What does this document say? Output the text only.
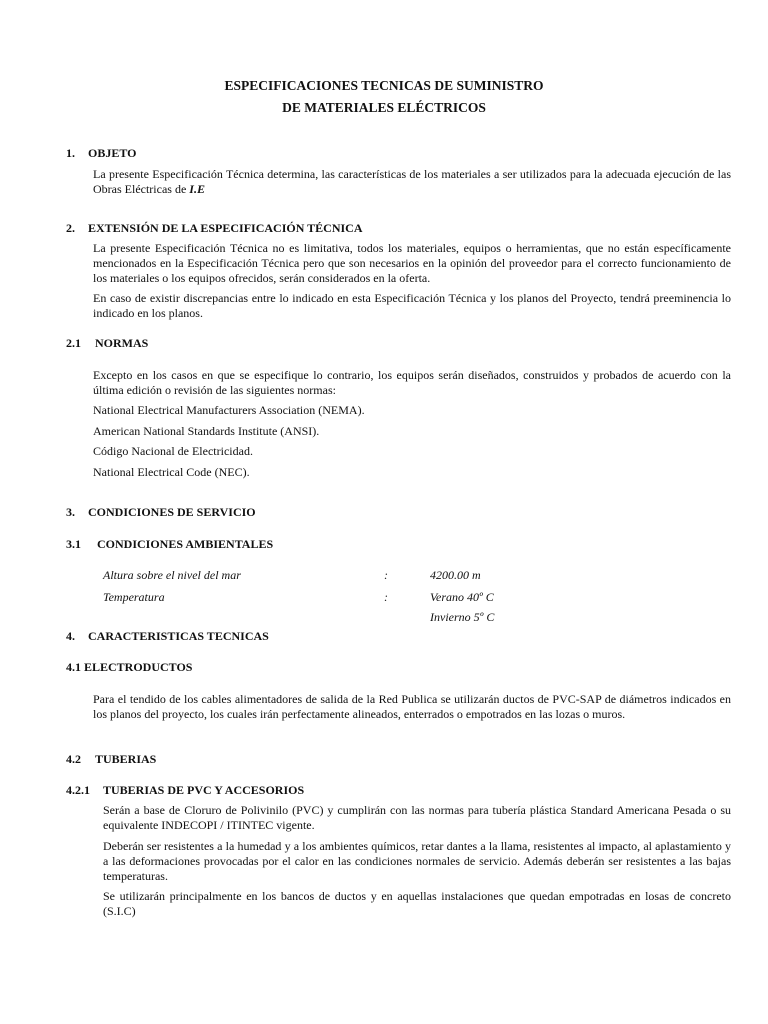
ESPECIFICACIONES TECNICAS DE SUMINISTRO
DE MATERIALES ELÉCTRICOS
1. OBJETO
La presente Especificación Técnica determina, las características de los materiales a ser utilizados para la adecuada ejecución de las Obras Eléctricas de I.E
2. EXTENSIÓN DE LA ESPECIFICACIÓN TÉCNICA
La presente Especificación Técnica no es limitativa, todos los materiales, equipos o herramientas, que no están específicamente mencionados en la Especificación Técnica pero que son necesarios en la opinión del proveedor para el correcto funcionamiento de los materiales o los equipos ofrecidos, serán considerados en la oferta.
En caso de existir discrepancias entre lo indicado en esta Especificación Técnica y los planos del Proyecto, tendrá preeminencia lo indicado en los planos.
2.1 NORMAS
Excepto en los casos en que se especifique lo contrario, los equipos serán diseñados, construidos y probados de acuerdo con la última edición o revisión de las siguientes normas:
National Electrical Manufacturers Association (NEMA).
American National Standards Institute (ANSI).
Código Nacional de Electricidad.
National Electrical Code (NEC).
3. CONDICIONES DE SERVICIO
3.1 CONDICIONES AMBIENTALES
Altura sobre el nivel del mar	:	4200.00 m
Temperatura	:	Verano 40º C
Invierno 5º C
4. CARACTERISTICAS TECNICAS
4.1 ELECTRODUCTOS
Para el tendido de los cables alimentadores de salida de la Red Publica se utilizarán ductos de PVC-SAP de diámetros indicados en los planos del proyecto, los cuales irán perfectamente alineados, enterrados o empotrados en las lozas o muros.
4.2 TUBERIAS
4.2.1 TUBERIAS DE PVC Y ACCESORIOS
Serán a base de Cloruro de Polivinilo (PVC) y cumplirán con las normas para tubería plástica Standard Americana Pesada o su equivalente INDECOPI / ITINTEC vigente.
Deberán ser resistentes a la humedad y a los ambientes químicos, retar dantes a la llama, resistentes al impacto, al aplastamiento y a las deformaciones provocadas por el calor en las condiciones normales de servicio. Además deberán ser resistentes a las bajas temperaturas.
Se utilizarán principalmente en los bancos de ductos y en aquellas instalaciones que quedan empotradas en losas de concreto (S.I.C)
